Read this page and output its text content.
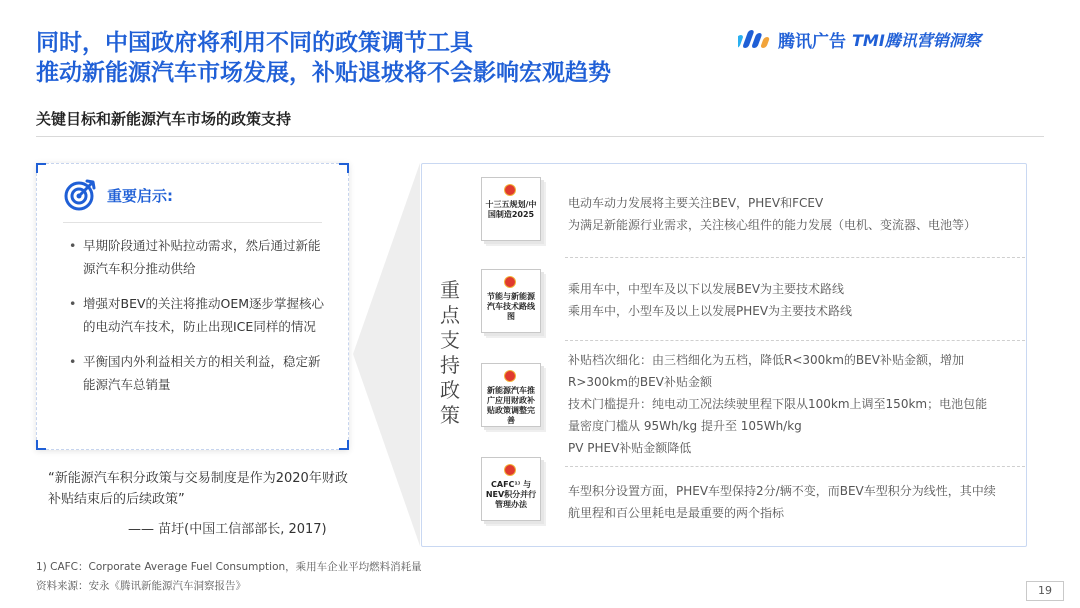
同时，中国政府将利用不同的政策调节工具
推动新能源汽车市场发展，补贴退坡将不会影响宏观趋势
腾讯广告 TMI腾讯营销洞察
关键目标和新能源汽车市场的政策支持
重要启示:
• 早期阶段通过补贴拉动需求，然后通过新能源汽车积分推动供给
• 增强对BEV的关注将推动OEM逐步掌握核心的电动汽车技术，防止出现ICE同样的情况
• 平衡国内外利益相关方的相关利益，稳定新能源汽车总销量
“新能源汽车积分政策与交易制度是作为2020年财政补贴结束后的后续政策”
—— 苗圩(中国工信部部长, 2017)
重
点
支
持
政
策
十三五规划/中国制造2025
电动车动力发展将主要关注BEV，PHEV和FCEV
为满足新能源行业需求，关注核心组件的能力发展（电机、变流器、电池等）
节能与新能源汽车技术路线图
乘用车中，中型车及以下以发展BEV为主要技术路线
乘用车中，小型车及以上以发展PHEV为主要技术路线
新能源汽车推广应用财政补贴政策调整完善
补贴档次细化：由三档细化为五档，降低R<300km的BEV补贴金额，增加R>300km的BEV补贴金额
技术门槛提升：纯电动工况法续驶里程下限从100km上调至150km；电池包能量密度门槛从 95Wh/kg 提升至 105Wh/kg
PV PHEV补贴金额降低
CAFC¹⁾ 与NEV积分并行管理办法
车型积分设置方面，PHEV车型保持2分/辆不变，而BEV车型积分为线性，其中续航里程和百公里耗电是最重要的两个指标
1) CAFC：Corporate Average Fuel Consumption，乘用车企业平均燃料消耗量
资料来源：安永《腾讯新能源汽车洞察报告》	19
